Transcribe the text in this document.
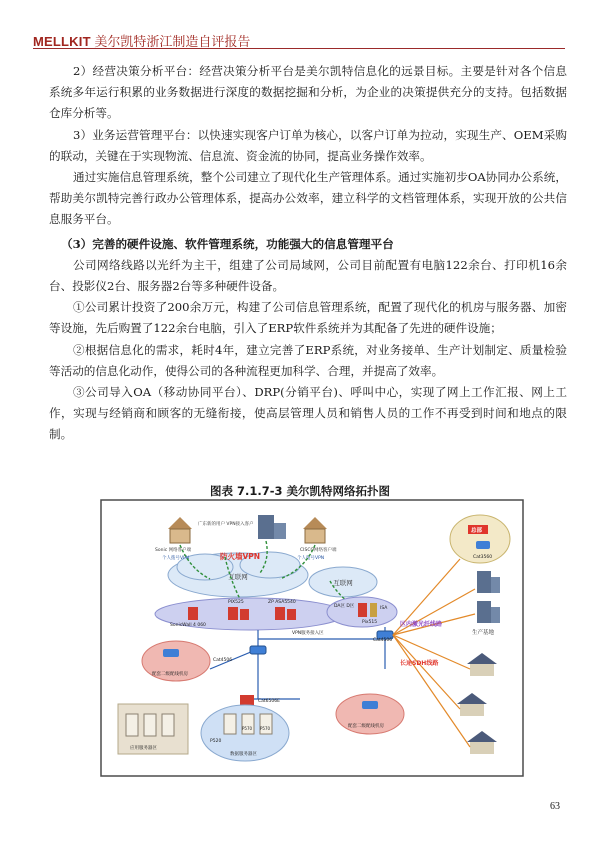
MELLKIT 美尔凯特浙江制造自评报告

2）经营决策分析平台：经营决策分析平台是美尔凯特信息化的远景目标。主要是针对各个信息系统多年运行积累的业务数据进行深度的数据挖掘和分析，为企业的决策提供充分的支持。包括数据仓库分析等。

3）业务运营管理平台：以快速实现客户订单为核心，以客户订单为拉动，实现生产、OEM采购的联动，关键在于实现物流、信息流、资金流的协同，提高业务操作效率。

通过实施信息管理系统，整个公司建立了现代化生产管理体系。通过实施初步OA协同办公系统，帮助美尔凯特完善行政办公管理体系，提高办公效率，建立科学的文档管理体系，实现开放的公共信息服务平台。

（3）完善的硬件设施、软件管理系统，功能强大的信息管理平台

公司网络线路以光纤为主干，组建了公司局域网，公司目前配置有电脑122余台、打印机16余台、投影仪2台、服务器2台等多种硬件设备。

①公司累计投资了200余万元，构建了公司信息管理系统，配置了现代化的机房与服务器、加密等设施，先后购置了122余台电脑，引入了ERP软件系统并为其配备了先进的硬件设施；

②根据信息化的需求，耗时4年，建立完善了ERP系统，对业务接单、生产计划制定、质量检验等活动的信息化动作，使得公司的各种流程更加科学、合理，并提高了效率。

③公司导入OA（移动协同平台）、DRP(分销平台)、呼叫中心，实现了网上工作汇报、网上工作，实现与经销商和顾客的无缝衔接，使高层管理人员和销售人员的工作不再受到时间和地点的限制。

图表 7.1.7-3 美尔凯特网络拓扑图
互联网
互联网
Sonic 网络客户端
广东新的用户 VPN接入客户
CISCO网络客户端
个人拨号VPN	个人拨号VPN
防火墙VPN
SonicWall 4 060
PIX525	ZP ASA5540
DA区 D区	ISA
Pix515
VPN服务接入区
Cat4506
Cat4506
配套二级配线机房
配套二级配线机房
Cat6506E
应用服务器区
P520
P570 P570
数据服务器区
总部
Cat3560
生产基地
区内激光纤线路
长途SDH线路
63
